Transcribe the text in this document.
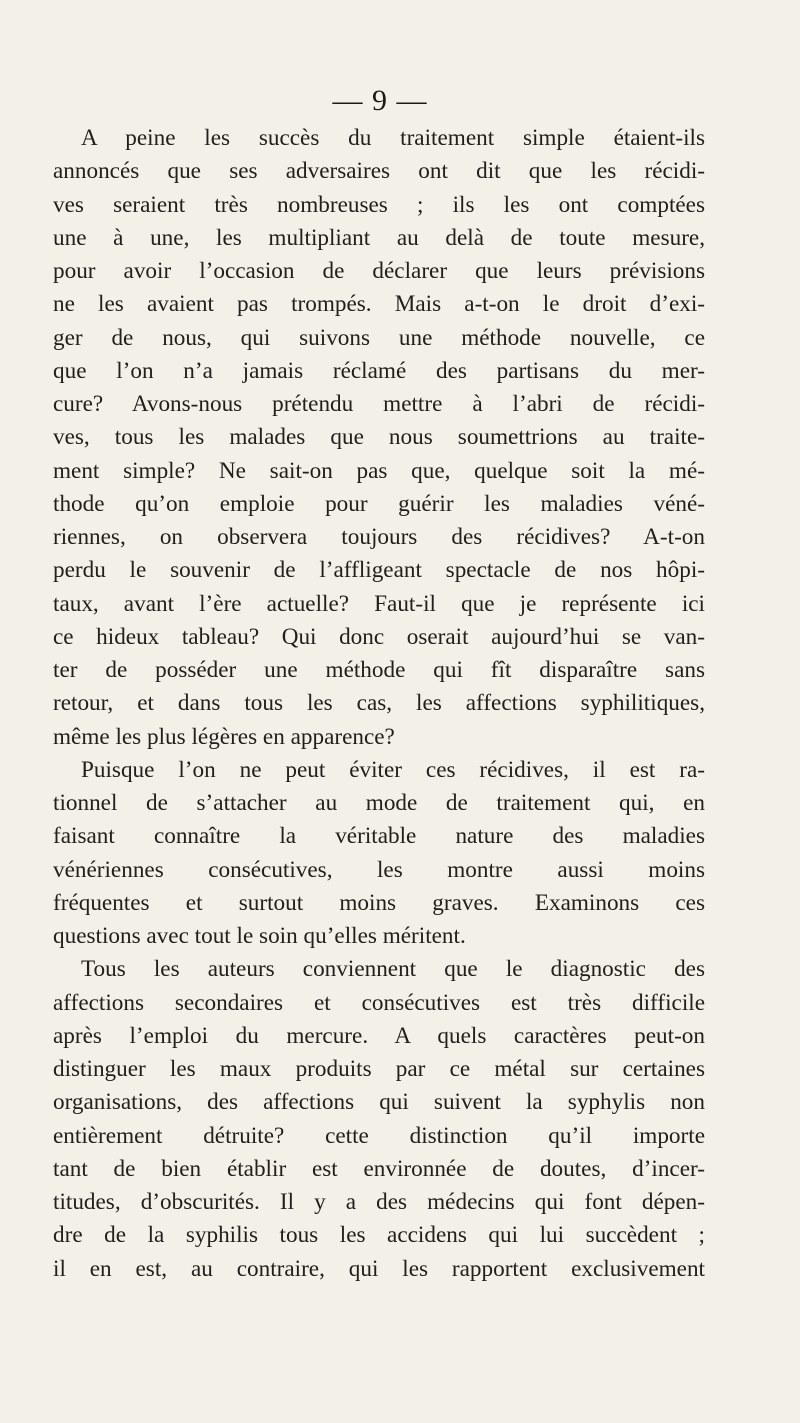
— 9 —
A peine les succès du traitement simple étaient-ils
annoncés que ses adversaires ont dit que les récidi-
ves seraient très nombreuses ; ils les ont comptées
une à une, les multipliant au delà de toute mesure,
pour avoir l’occasion de déclarer que leurs prévisions
ne les avaient pas trompés. Mais a-t-on le droit d’exi-
ger de nous, qui suivons une méthode nouvelle, ce
que l’on n’a jamais réclamé des partisans du mer-
cure? Avons-nous prétendu mettre à l’abri de récidi-
ves, tous les malades que nous soumettrions au traite-
ment simple? Ne sait-on pas que, quelque soit la mé-
thode qu’on emploie pour guérir les maladies véné-
riennes, on observera toujours des récidives? A-t-on
perdu le souvenir de l’affligeant spectacle de nos hôpi-
taux, avant l’ère actuelle? Faut-il que je représente ici
ce hideux tableau? Qui donc oserait aujourd’hui se van-
ter de posséder une méthode qui fît disparaître sans
retour, et dans tous les cas, les affections syphilitiques,
même les plus légères en apparence?
Puisque l’on ne peut éviter ces récidives, il est ra-
tionnel de s’attacher au mode de traitement qui, en
faisant connaître la véritable nature des maladies
vénériennes consécutives, les montre aussi moins
fréquentes et surtout moins graves. Examinons ces
questions avec tout le soin qu’elles méritent.
Tous les auteurs conviennent que le diagnostic des
affections secondaires et consécutives est très difficile
après l’emploi du mercure. A quels caractères peut-on
distinguer les maux produits par ce métal sur certaines
organisations, des affections qui suivent la syphylis non
entièrement détruite? cette distinction qu’il importe
tant de bien établir est environnée de doutes, d’incer-
titudes, d’obscurités. Il y a des médecins qui font dépen-
dre de la syphilis tous les accidens qui lui succèdent ;
il en est, au contraire, qui les rapportent exclusivement
